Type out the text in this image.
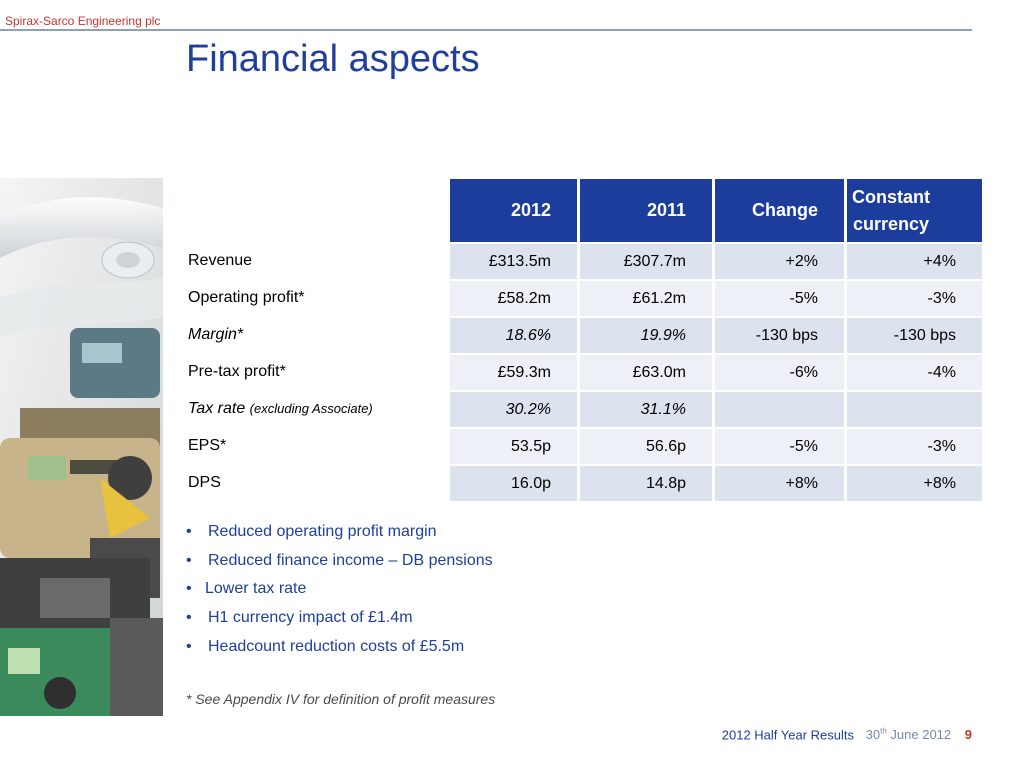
Spirax-Sarco Engineering plc
Financial aspects
	2012	2011	Change	Constant
currency
Revenue	£313.5m	£307.7m	+2%	+4%
Operating profit*	£58.2m	£61.2m	-5%	-3%
Margin*	18.6%	19.9%	-130 bps	-130 bps
Pre-tax profit*	£59.3m	£63.0m	-6%	-4%
Tax rate (excluding Associate)	30.2%	31.1%		
EPS*	53.5p	56.6p	-5%	-3%
DPS	16.0p	14.8p	+8%	+8%
• Reduced operating profit margin
• Reduced finance income – DB pensions
• Lower tax rate
• H1 currency impact of £1.4m
• Headcount reduction costs of £5.5m
* See Appendix IV for definition of profit measures
2012 Half Year Results 30th June 2012 9
